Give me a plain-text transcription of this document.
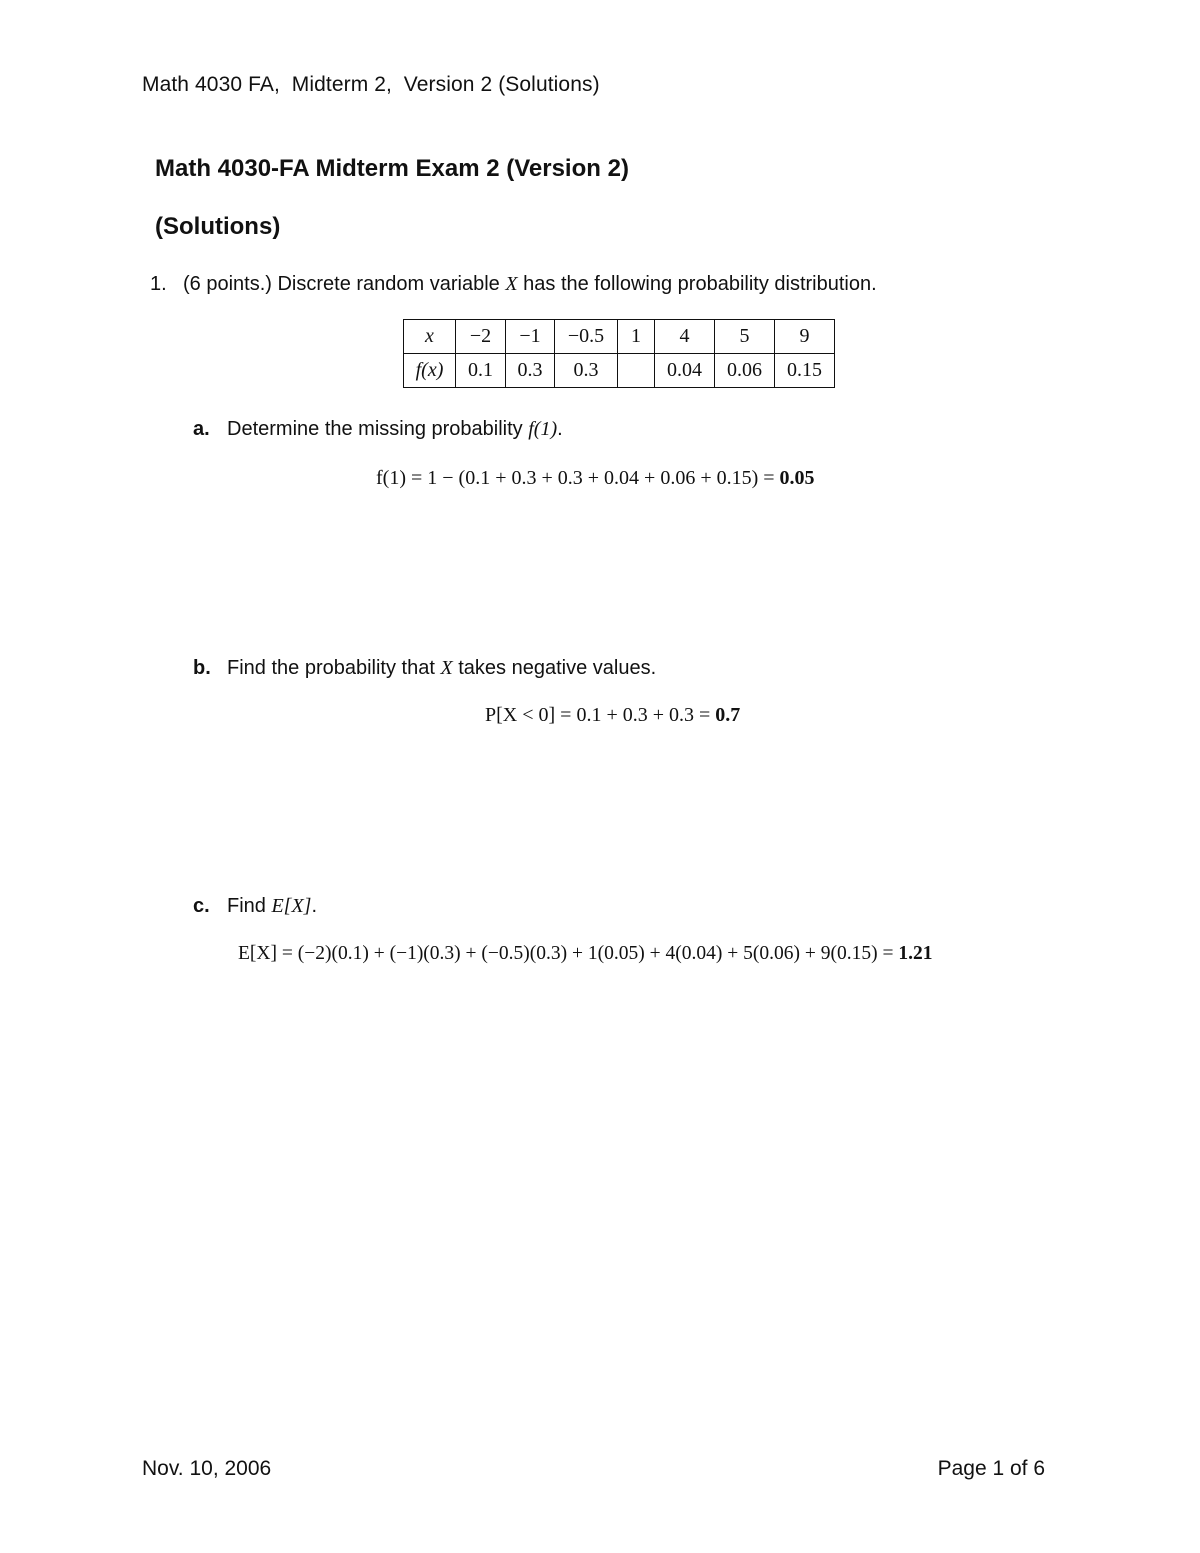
Math 4030 FA,  Midterm 2,  Version 2 (Solutions)
Math 4030-FA Midterm Exam 2 (Version 2)
(Solutions)
1. (6 points.) Discrete random variable X has the following probability distribution.
x	−2	−1	−0.5	1	4	5	9
f(x)	0.1	0.3	0.3		0.04	0.06	0.15
a. Determine the missing probability f(1).
f(1) = 1 − (0.1 + 0.3 + 0.3 + 0.04 + 0.06 + 0.15) = 0.05
b. Find the probability that X takes negative values.
P[X < 0] = 0.1 + 0.3 + 0.3 = 0.7
c. Find E[X].
E[X] = (−2)(0.1) + (−1)(0.3) + (−0.5)(0.3) + 1(0.05) + 4(0.04) + 5(0.06) + 9(0.15) = 1.21
Nov. 10, 2006	Page 1 of 6
